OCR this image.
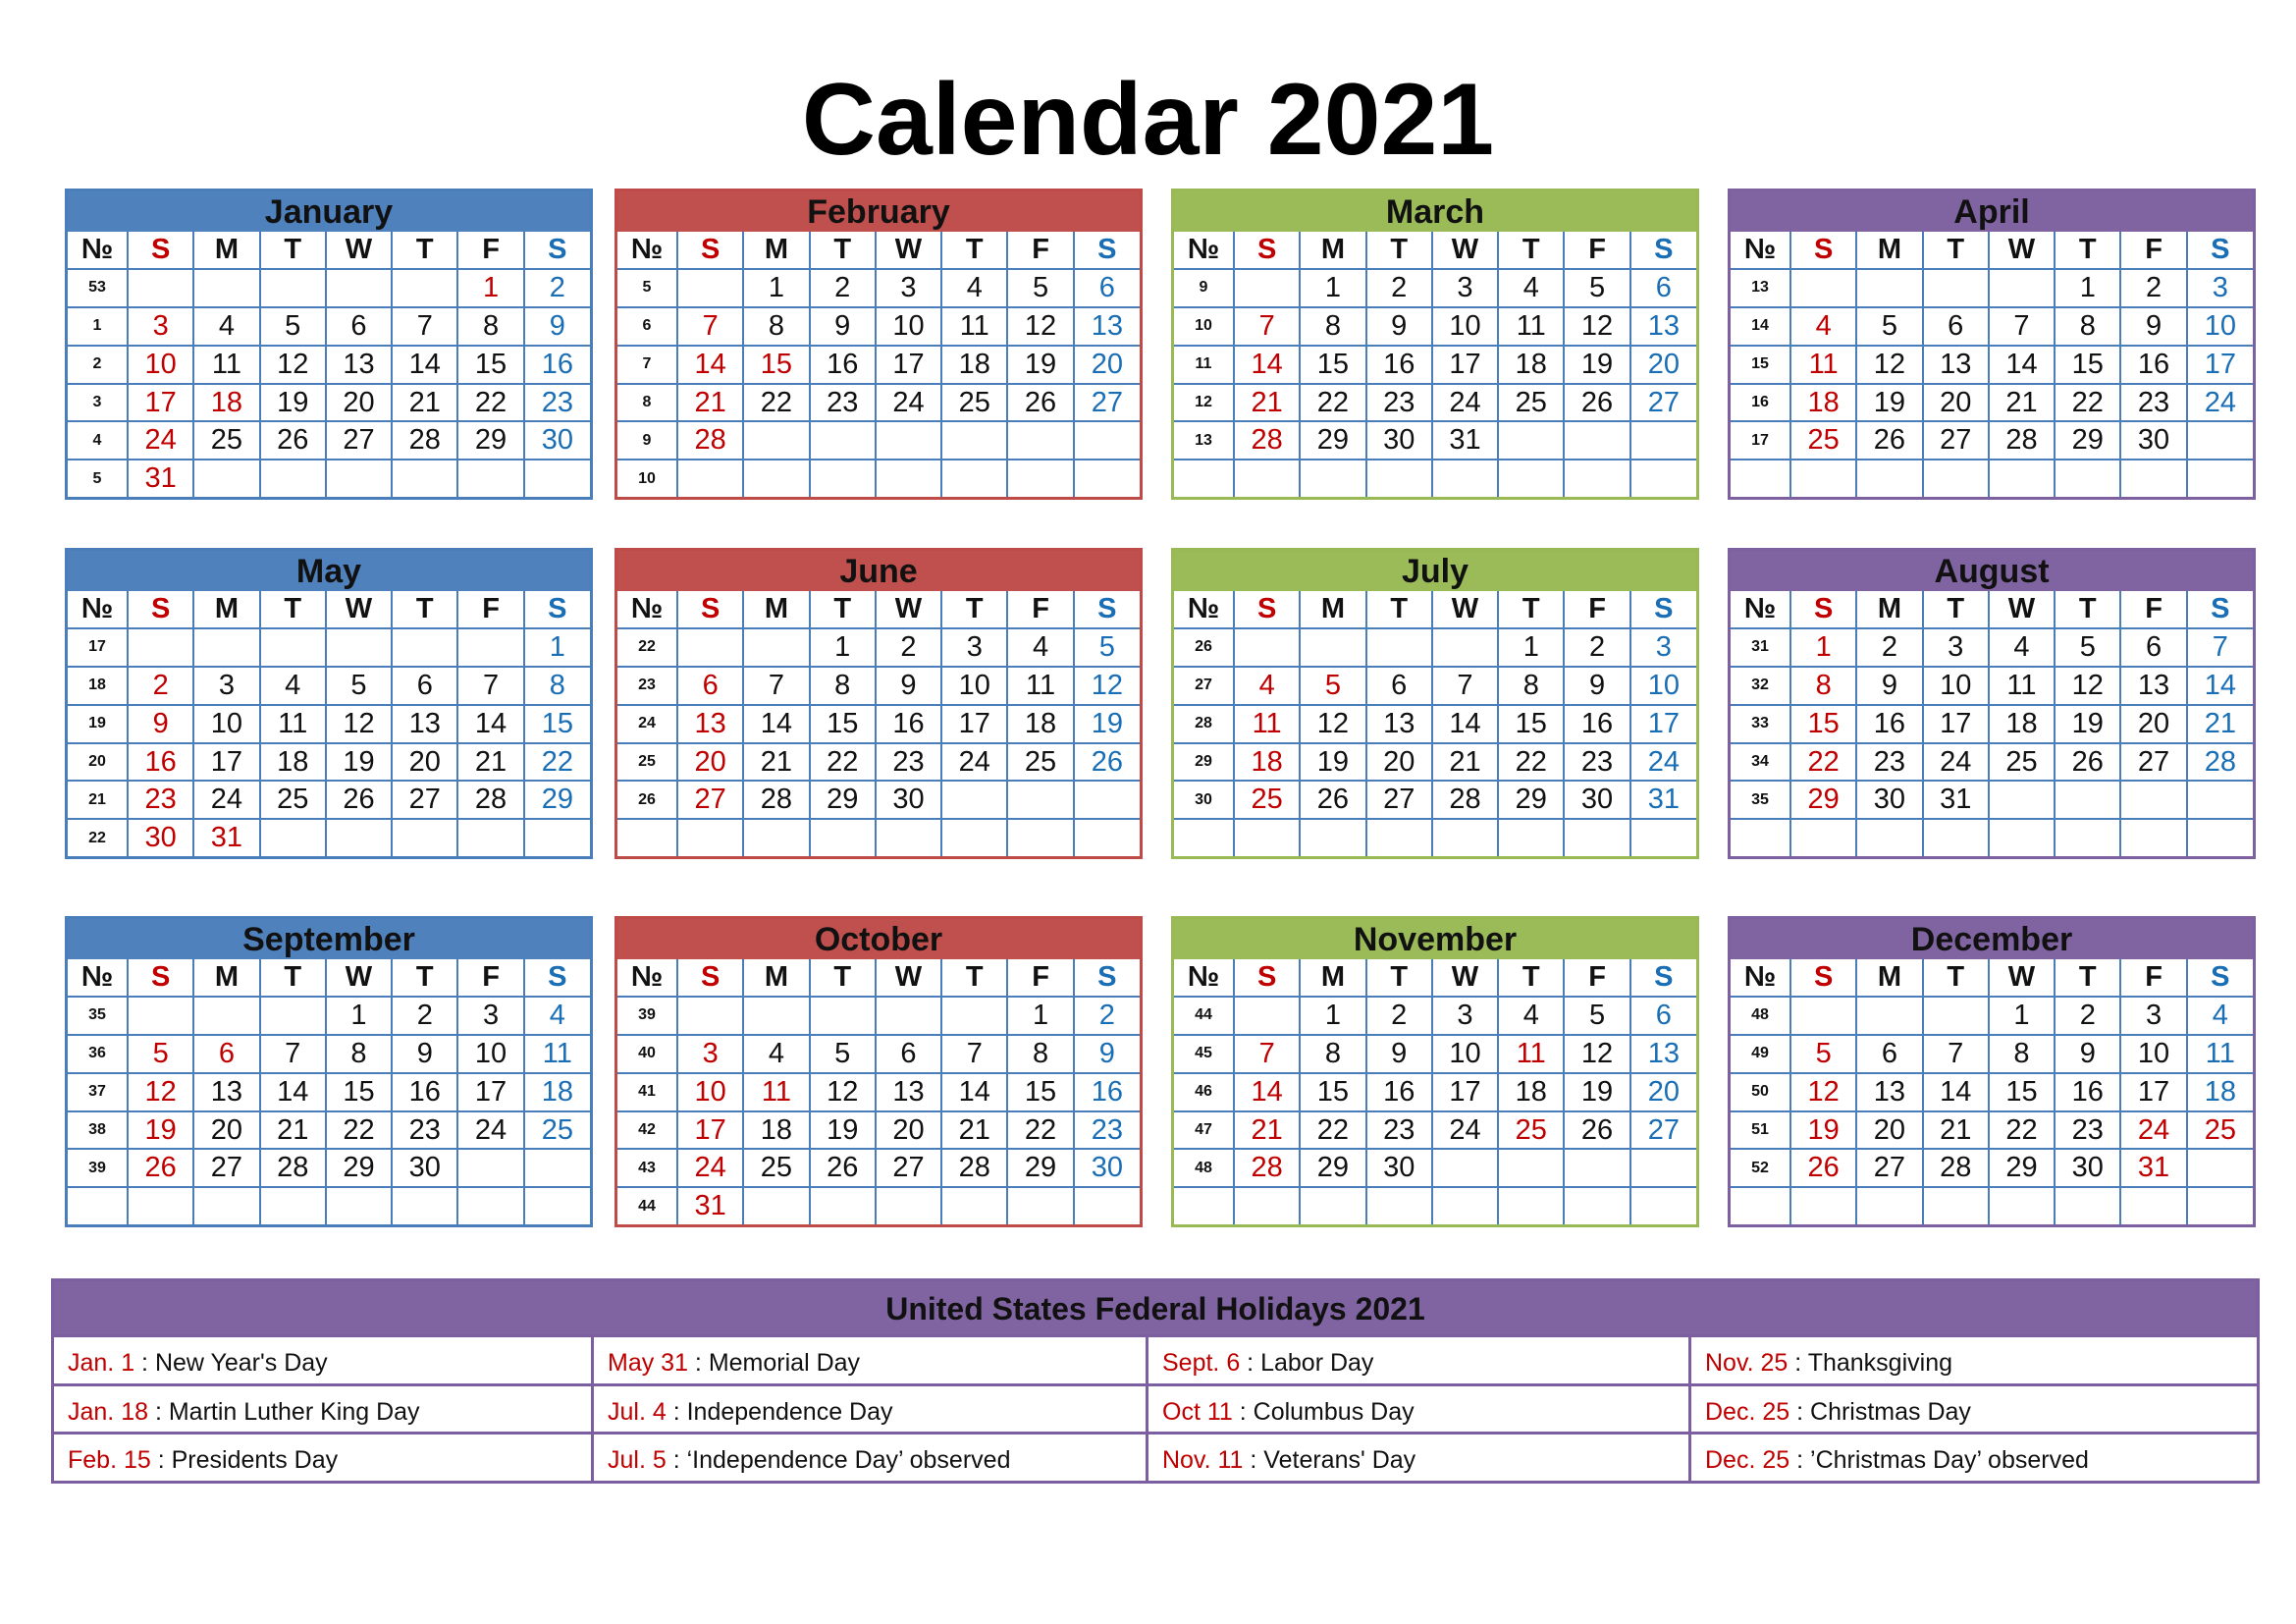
Calendar 2021
January
№	S	M	T	W	T	F	S
53						1	2
1	3	4	5	6	7	8	9
2	10	11	12	13	14	15	16
3	17	18	19	20	21	22	23
4	24	25	26	27	28	29	30
5	31						
February
№	S	M	T	W	T	F	S
5		1	2	3	4	5	6
6	7	8	9	10	11	12	13
7	14	15	16	17	18	19	20
8	21	22	23	24	25	26	27
9	28						
10							
March
№	S	M	T	W	T	F	S
9		1	2	3	4	5	6
10	7	8	9	10	11	12	13
11	14	15	16	17	18	19	20
12	21	22	23	24	25	26	27
13	28	29	30	31			

April
№	S	M	T	W	T	F	S
13					1	2	3
14	4	5	6	7	8	9	10
15	11	12	13	14	15	16	17
16	18	19	20	21	22	23	24
17	25	26	27	28	29	30	

May
№	S	M	T	W	T	F	S
17							1
18	2	3	4	5	6	7	8
19	9	10	11	12	13	14	15
20	16	17	18	19	20	21	22
21	23	24	25	26	27	28	29
22	30	31					
June
№	S	M	T	W	T	F	S
22			1	2	3	4	5
23	6	7	8	9	10	11	12
24	13	14	15	16	17	18	19
25	20	21	22	23	24	25	26
26	27	28	29	30			

July
№	S	M	T	W	T	F	S
26					1	2	3
27	4	5	6	7	8	9	10
28	11	12	13	14	15	16	17
29	18	19	20	21	22	23	24
30	25	26	27	28	29	30	31

August
№	S	M	T	W	T	F	S
31	1	2	3	4	5	6	7
32	8	9	10	11	12	13	14
33	15	16	17	18	19	20	21
34	22	23	24	25	26	27	28
35	29	30	31				

September
№	S	M	T	W	T	F	S
35				1	2	3	4
36	5	6	7	8	9	10	11
37	12	13	14	15	16	17	18
38	19	20	21	22	23	24	25
39	26	27	28	29	30		

October
№	S	M	T	W	T	F	S
39						1	2
40	3	4	5	6	7	8	9
41	10	11	12	13	14	15	16
42	17	18	19	20	21	22	23
43	24	25	26	27	28	29	30
44	31						
November
№	S	M	T	W	T	F	S
44		1	2	3	4	5	6
45	7	8	9	10	11	12	13
46	14	15	16	17	18	19	20
47	21	22	23	24	25	26	27
48	28	29	30				

December
№	S	M	T	W	T	F	S
48				1	2	3	4
49	5	6	7	8	9	10	11
50	12	13	14	15	16	17	18
51	19	20	21	22	23	24	25
52	26	27	28	29	30	31	

United States Federal Holidays 2021
Jan. 1 : New Year's Day	May 31 : Memorial Day	Sept. 6 : Labor Day	Nov. 25 : Thanksgiving
Jan. 18 : Martin Luther King Day	Jul. 4 : Independence Day	Oct 11 : Columbus Day	Dec. 25 : Christmas Day
Feb. 15 : Presidents Day	Jul. 5 : ‘Independence Day’ observed	Nov. 11 : Veterans' Day	Dec. 25 : ’Christmas Day’ observed
